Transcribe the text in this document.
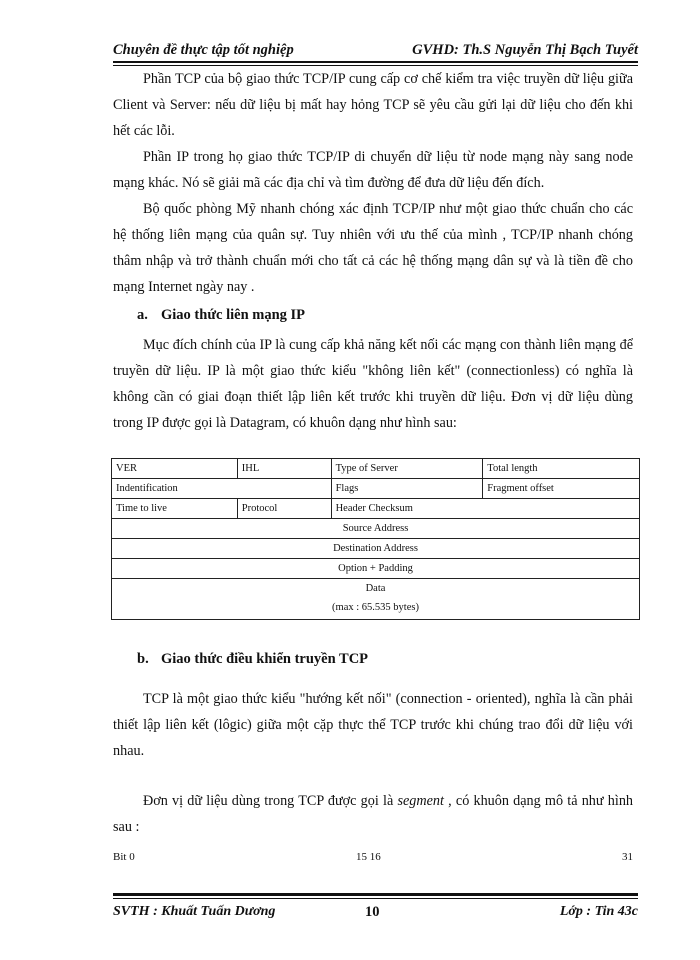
Chuyên đề thực tập tốt nghiệp	GVHD: Th.S Nguyễn Thị Bạch Tuyết

Phần TCP của bộ giao thức TCP/IP cung cấp cơ chế kiểm tra việc truyền dữ liệu giữa Client và Server: nếu dữ liệu bị mất hay hỏng TCP sẽ yêu cầu gửi lại dữ liệu cho đến khi hết các lỗi.

Phần IP trong họ giao thức TCP/IP di chuyển dữ liệu từ node mạng này sang node mạng khác. Nó sẽ giải mã các địa chỉ và tìm đường để đưa dữ liệu đến đích.

Bộ quốc phòng Mỹ nhanh chóng xác định TCP/IP như một giao thức chuẩn cho các hệ thống liên mạng của quân sự. Tuy nhiên với ưu thế của mình , TCP/IP nhanh chóng thâm nhập và trở thành chuẩn mới cho tất cả các hệ thống mạng dân sự và là tiền đề cho mạng Internet ngày nay .

a. Giao thức liên mạng IP

Mục đích chính của IP là cung cấp khả năng kết nối các mạng con thành liên mạng để truyền dữ liệu. IP là một giao thức kiểu "không liên kết" (connectionless) có nghĩa là không cần có giai đoạn thiết lập liên kết trước khi truyền dữ liệu. Đơn vị dữ liệu dùng trong IP được gọi là Datagram, có khuôn dạng như hình sau:

VER	IHL	Type of Server	Total length
Indentification		Flags	Fragment offset
Time to live	Protocol	Header Checksum	
Source Address			
Destination Address			
Option + Padding			

Data
(max : 65.535 bytes)			

b. Giao thức điều khiển truyền TCP

TCP là một giao thức kiểu "hướng kết nối" (connection - oriented), nghĩa là cần phải thiết lập liên kết (lôgic) giữa một cặp thực thể TCP trước khi chúng trao đổi dữ liệu với nhau.

Đơn vị dữ liệu dùng trong TCP được gọi là segment , có khuôn dạng mô tả như hình sau :

Bit 0	15 16	31
SVTH : Khuất Tuấn Dương	10	Lớp : Tin 43c
